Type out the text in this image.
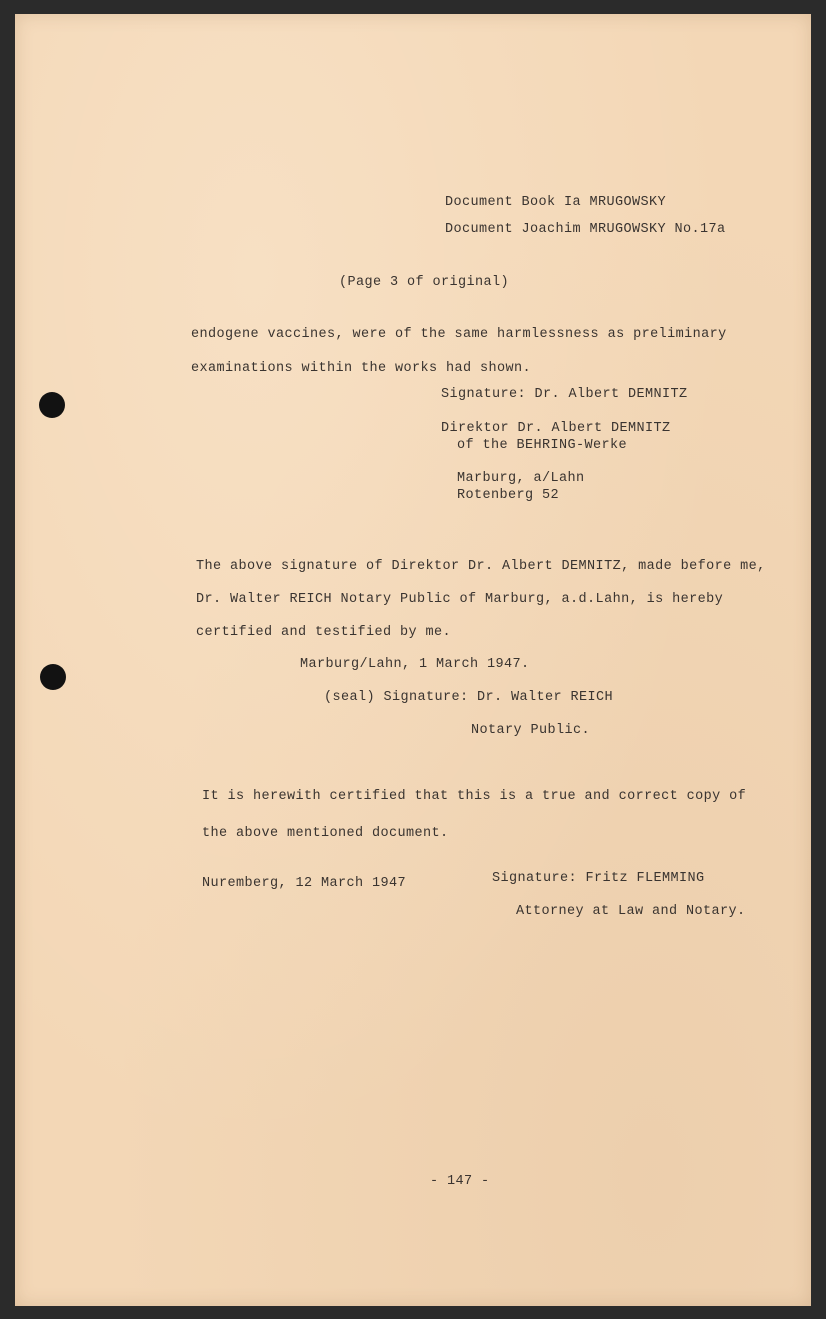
Document Book Ia MRUGOWSKY

Document Joachim MRUGOWSKY No.17a

(Page 3 of original)

endogene vaccines, were of the same harmlessness as preliminary

examinations within the works had shown.

Signature: Dr. Albert DEMNITZ

Direktor Dr. Albert DEMNITZ

of the BEHRING-Werke

Marburg, a/Lahn

Rotenberg 52

The above signature of Direktor Dr. Albert DEMNITZ, made before me,

Dr. Walter REICH Notary Public of Marburg, a.d.Lahn, is hereby

certified and testified by me.

Marburg/Lahn, 1 March 1947.

(seal) Signature: Dr. Walter REICH

Notary Public.

It is herewith certified that this is a true and correct copy of

the above mentioned document.

Nuremberg, 12 March 1947	Signature: Fritz FLEMMING

Attorney at Law and Notary.

- 147 -
